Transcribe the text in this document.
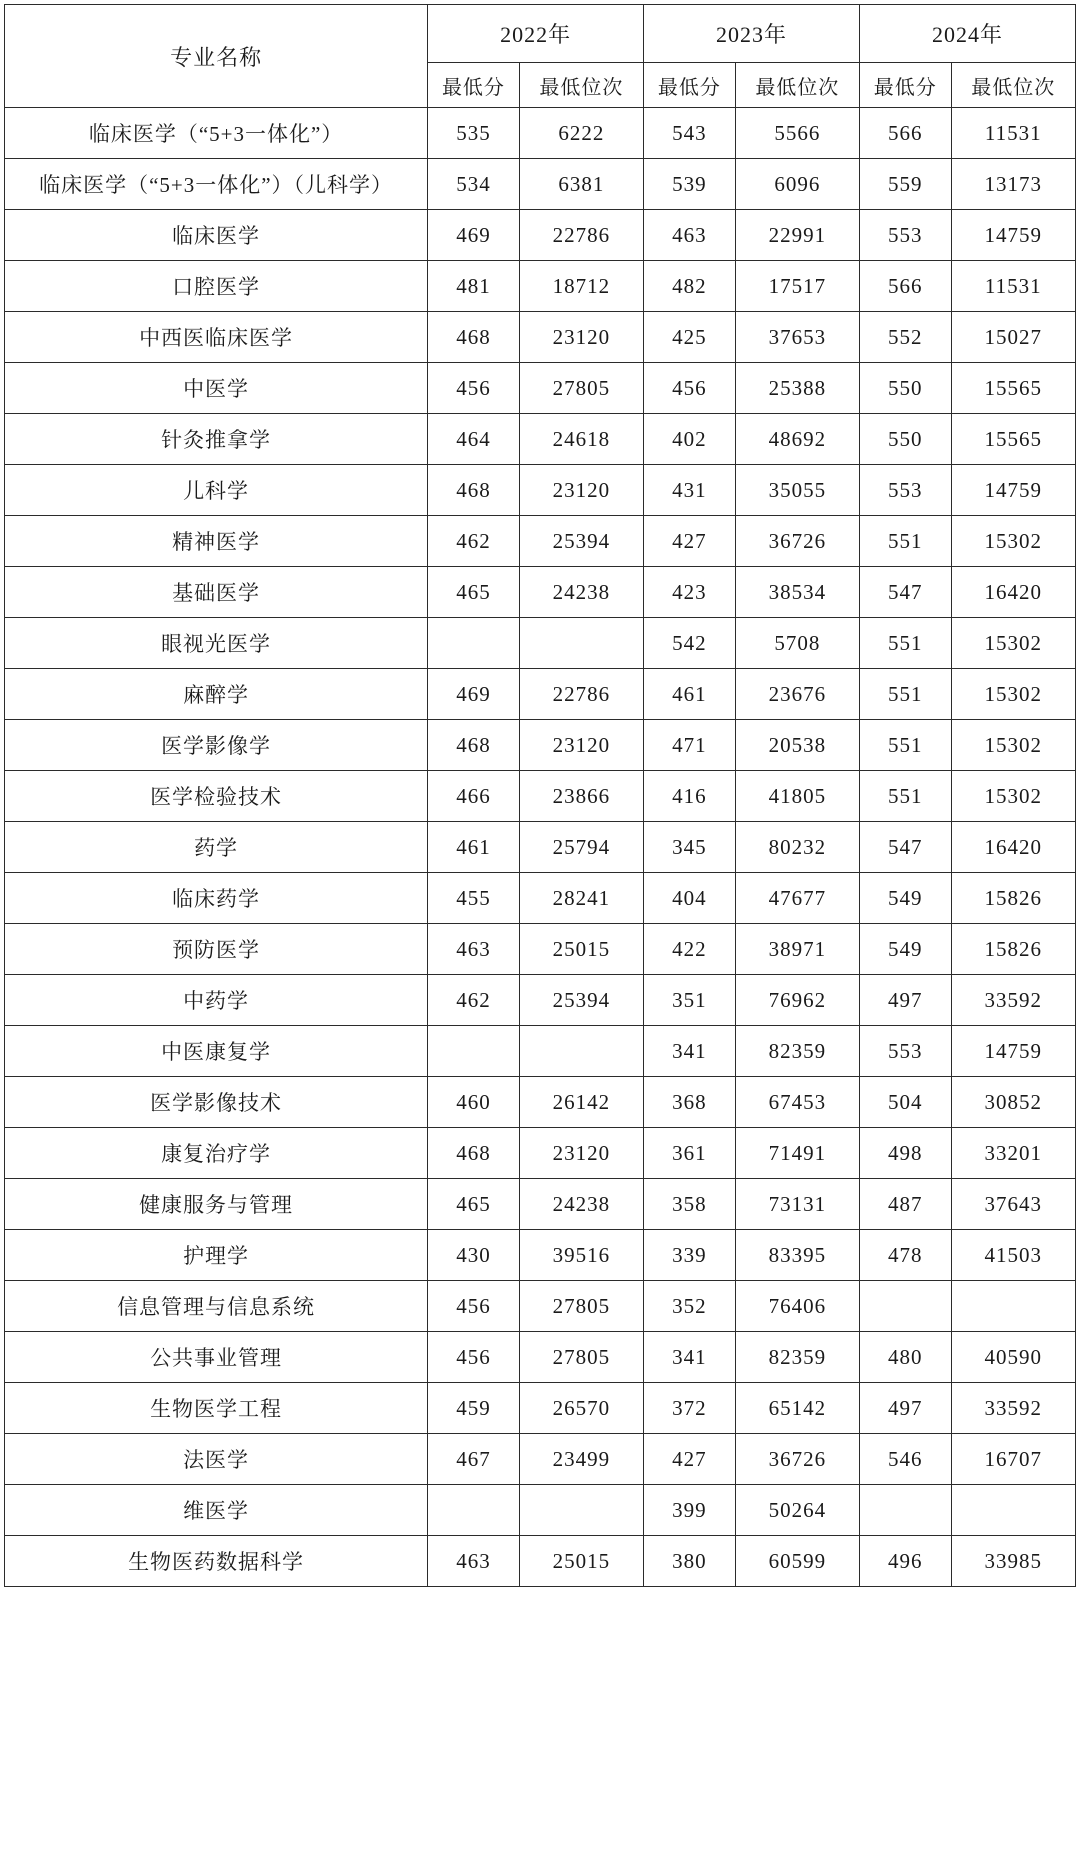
专业名称	2022年		2023年		2024年	
	最低分	最低位次	最低分	最低位次	最低分	最低位次
临床医学（“5+3一体化”）	535	6222	543	5566	566	11531
临床医学（“5+3一体化”）（儿科学）	534	6381	539	6096	559	13173
临床医学	469	22786	463	22991	553	14759
口腔医学	481	18712	482	17517	566	11531
中西医临床医学	468	23120	425	37653	552	15027
中医学	456	27805	456	25388	550	15565
针灸推拿学	464	24618	402	48692	550	15565
儿科学	468	23120	431	35055	553	14759
精神医学	462	25394	427	36726	551	15302
基础医学	465	24238	423	38534	547	16420
眼视光医学			542	5708	551	15302
麻醉学	469	22786	461	23676	551	15302
医学影像学	468	23120	471	20538	551	15302
医学检验技术	466	23866	416	41805	551	15302
药学	461	25794	345	80232	547	16420
临床药学	455	28241	404	47677	549	15826
预防医学	463	25015	422	38971	549	15826
中药学	462	25394	351	76962	497	33592
中医康复学			341	82359	553	14759
医学影像技术	460	26142	368	67453	504	30852
康复治疗学	468	23120	361	71491	498	33201
健康服务与管理	465	24238	358	73131	487	37643
护理学	430	39516	339	83395	478	41503
信息管理与信息系统	456	27805	352	76406		
公共事业管理	456	27805	341	82359	480	40590
生物医学工程	459	26570	372	65142	497	33592
法医学	467	23499	427	36726	546	16707
维医学			399	50264		
生物医药数据科学	463	25015	380	60599	496	33985
